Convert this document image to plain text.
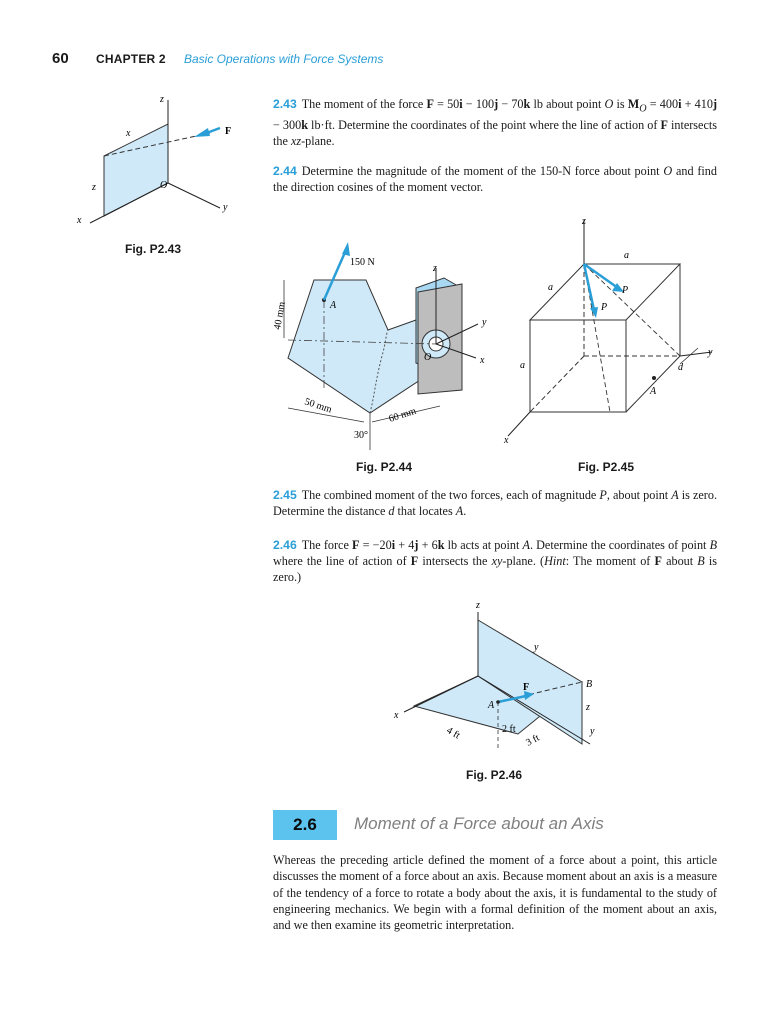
60 CHAPTER 2 Basic Operations with Force Systems
2.43 The moment of the force F = 50i − 100j − 70k lb about point O is $M_O = 400i + 410j - 300k$ lb·ft. Determine the coordinates of the point where the line of action of F intersects the xz-plane.
2.44 Determine the magnitude of the moment of the 150-N force about point O and find the direction cosines of the moment vector.
z
x	F
z	O
y
x
Fig. P2.43
150 N
z
y
x
A
O
40 mm
50 mm	60 mm
30°
Fig. P2.44
z
a
a	P
P
a
y
d
A
x
Fig. P2.45
2.45 The combined moment of the two forces, each of magnitude P, about point A is zero. Determine the distance d that locates A.
2.46 The force F = −20i + 4j + 6k lb acts at point A. Determine the coordinates of point B where the line of action of F intersects the xy-plane. (Hint: The moment of F about B is zero.)
z
y
F	B
x
A	z
2 ft
4 ft	3 ft
y
Fig. P2.46
2.6	Moment of a Force about an Axis
Whereas the preceding article defined the moment of a force about a point, this article discusses the moment of a force about an axis. Because moment about an axis is a measure of the tendency of a force to rotate a body about the axis, it is fundamental to the study of engineering mechanics. We begin with a formal definition of the moment about an axis, and we then examine its geometric interpretation.
